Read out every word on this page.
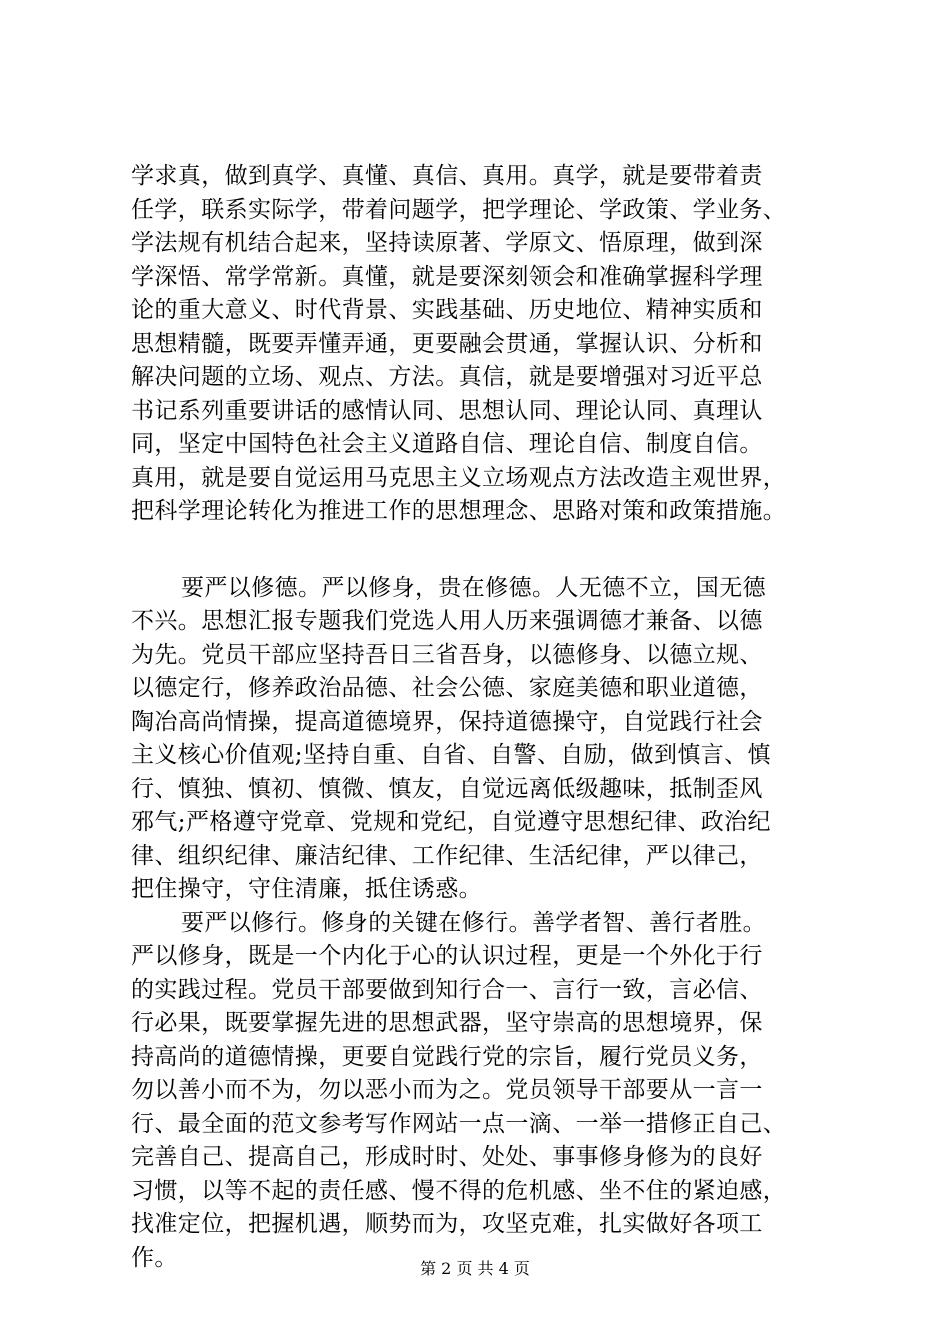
学求真，做到真学、真懂、真信、真用。真学，就是要带着责
任学，联系实际学，带着问题学，把学理论、学政策、学业务、
学法规有机结合起来，坚持读原著、学原文、悟原理，做到深
学深悟、常学常新。真懂，就是要深刻领会和准确掌握科学理
论的重大意义、时代背景、实践基础、历史地位、精神实质和
思想精髓，既要弄懂弄通，更要融会贯通，掌握认识、分析和
解决问题的立场、观点、方法。真信，就是要增强对习近平总
书记系列重要讲话的感情认同、思想认同、理论认同、真理认
同，坚定中国特色社会主义道路自信、理论自信、制度自信。
真用，就是要自觉运用马克思主义立场观点方法改造主观世界，
把科学理论转化为推进工作的思想理念、思路对策和政策措施。
要严以修德。严以修身，贵在修德。人无德不立，国无德
不兴。思想汇报专题我们党选人用人历来强调德才兼备、以德
为先。党员干部应坚持吾日三省吾身，以德修身、以德立规、
以德定行，修养政治品德、社会公德、家庭美德和职业道德，
陶冶高尚情操，提高道德境界，保持道德操守，自觉践行社会
主义核心价值观;坚持自重、自省、自警、自励，做到慎言、慎
行、慎独、慎初、慎微、慎友，自觉远离低级趣味，抵制歪风
邪气;严格遵守党章、党规和党纪，自觉遵守思想纪律、政治纪
律、组织纪律、廉洁纪律、工作纪律、生活纪律，严以律己，
把住操守，守住清廉，抵住诱惑。
要严以修行。修身的关键在修行。善学者智、善行者胜。
严以修身，既是一个内化于心的认识过程，更是一个外化于行
的实践过程。党员干部要做到知行合一、言行一致，言必信、
行必果，既要掌握先进的思想武器，坚守崇高的思想境界，保
持高尚的道德情操，更要自觉践行党的宗旨，履行党员义务，
勿以善小而不为，勿以恶小而为之。党员领导干部要从一言一
行、最全面的范文参考写作网站一点一滴、一举一措修正自己、
完善自己、提高自己，形成时时、处处、事事修身修为的良好
习惯，以等不起的责任感、慢不得的危机感、坐不住的紧迫感，
找准定位，把握机遇，顺势而为，攻坚克难，扎实做好各项工
作。	第 2 页 共 4 页
